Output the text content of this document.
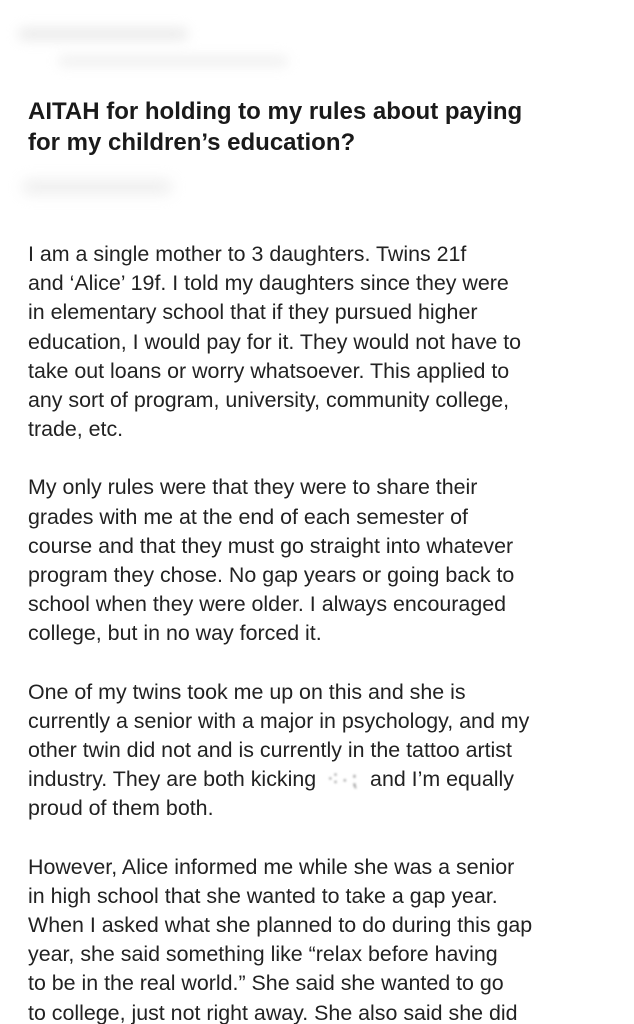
AITAH for holding to my rules about paying
for my children’s education?

I am a single mother to 3 daughters. Twins 21f
and ‘Alice’ 19f. I told my daughters since they were
in elementary school that if they pursued higher
education, I would pay for it. They would not have to
take out loans or worry whatsoever. This applied to
any sort of program, university, community college,
trade, etc.

My only rules were that they were to share their
grades with me at the end of each semester of
course and that they must go straight into whatever
program they chose. No gap years or going back to
school when they were older. I always encouraged
college, but in no way forced it.

One of my twins took me up on this and she is
currently a senior with a major in psychology, and my
other twin did not and is currently in the tattoo artist
industry. They are both kicking ⁖·⁏ and I’m equally
proud of them both.

However, Alice informed me while she was a senior
in high school that she wanted to take a gap year.
When I asked what she planned to do during this gap
year, she said something like “relax before having
to be in the real world.” She said she wanted to go
to college, just not right away. She also said she did
